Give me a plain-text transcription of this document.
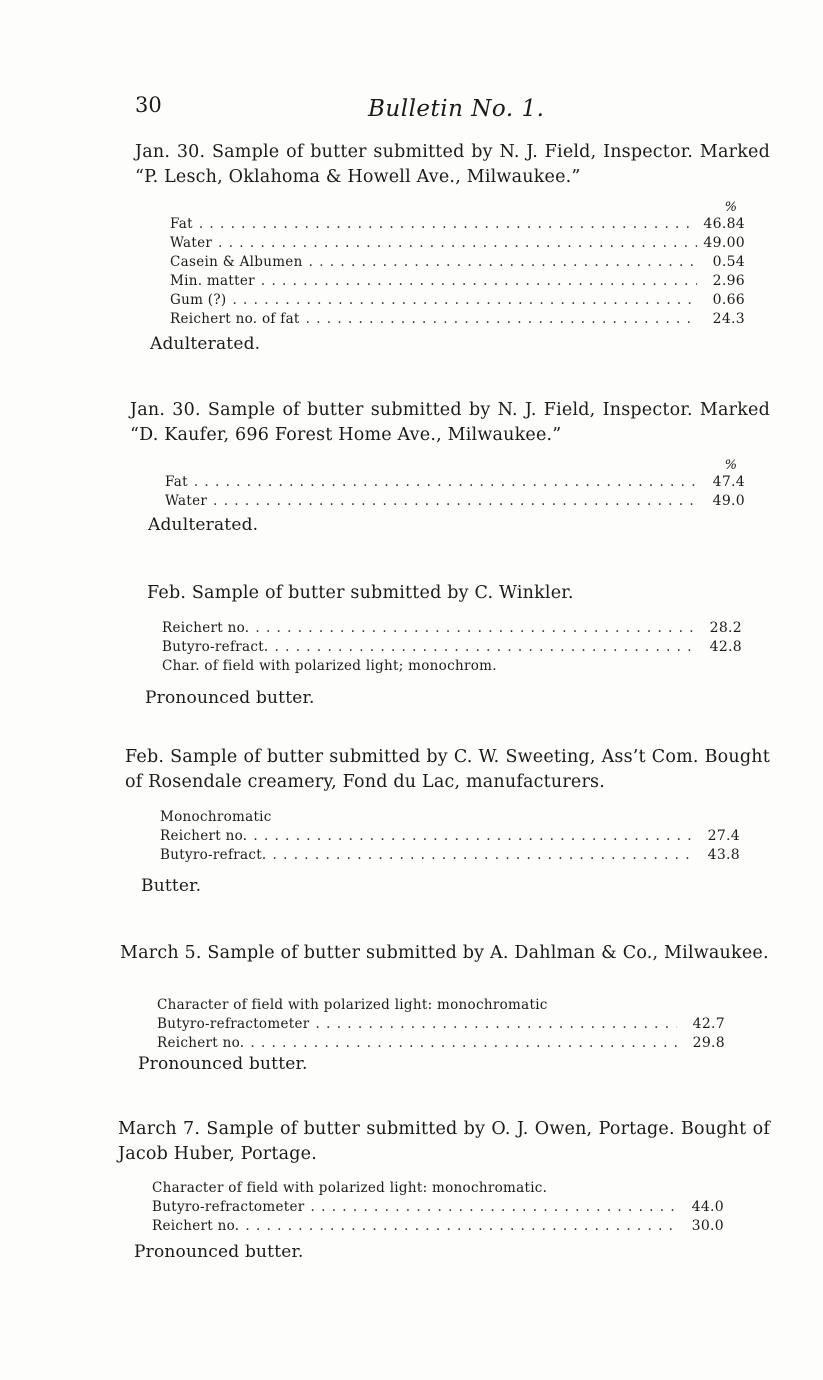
30	Bulletin No. 1.

Jan. 30. Sample of butter submitted by N. J. Field, Inspector. Marked “P. Lesch, Oklahoma & Howell Ave., Milwaukee.”

%
Fat . . .	46.84
Water . . .	49.00
Casein & Albumen . . .	0.54
Min. matter . . .	2.96
Gum (?) . . .	0.66
Reichert no. of fat . . .	24.3

Adulterated.

Jan. 30. Sample of butter submitted by N. J. Field, Inspector. Marked “D. Kaufer, 696 Forest Home Ave., Milwaukee.”

%
Fat . . .	47.4
Water . . .	49.0

Adulterated.

Feb. Sample of butter submitted by C. Winkler.

Reichert no. . . .	28.2
Butyro-refract. . . .	42.8
Char. of field with polarized light; monochrom.

Pronounced butter.

Feb. Sample of butter submitted by C. W. Sweeting, Ass’t Com. Bought of Rosendale creamery, Fond du Lac, manufacturers.

Monochromatic
Reichert no. . . .	27.4
Butyro-refract. . . .	43.8

Butter.

March 5. Sample of butter submitted by A. Dahlman & Co., Milwaukee.

Character of field with polarized light: monochromatic
Butyro-refractometer . . .	42.7
Reichert no. . . .	29.8

Pronounced butter.

March 7. Sample of butter submitted by O. J. Owen, Portage. Bought of Jacob Huber, Portage.

Character of field with polarized light: monochromatic.
Butyro-refractometer . . .	44.0
Reichert no. . . .	30.0

Pronounced butter.
